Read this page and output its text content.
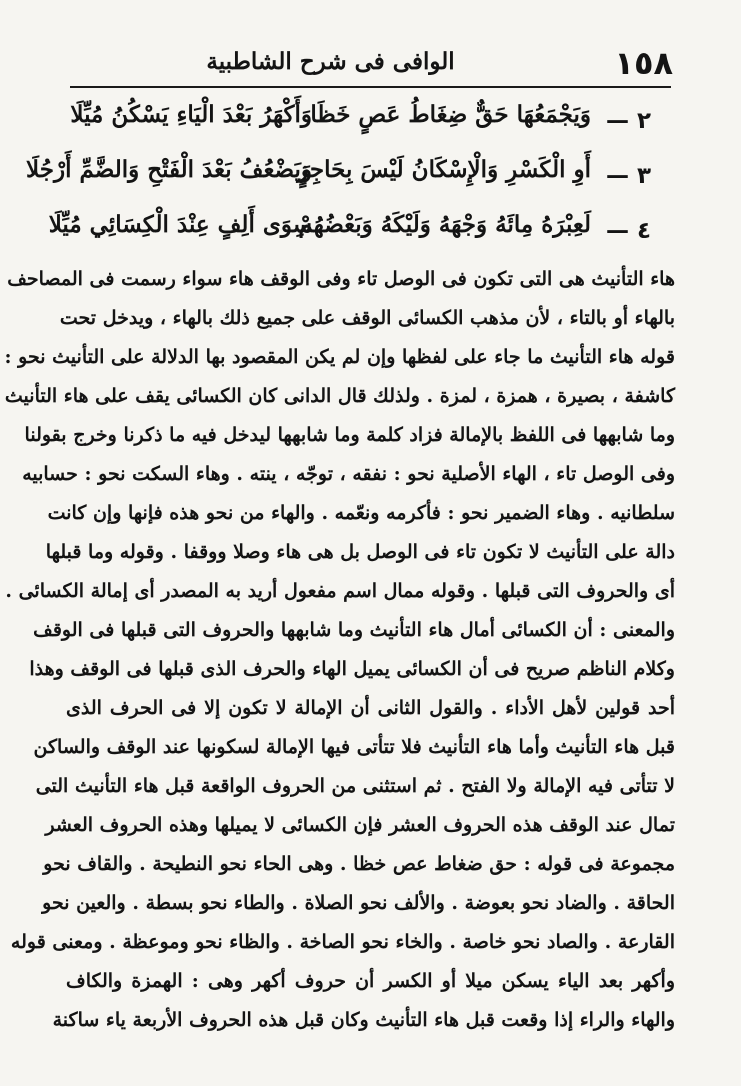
١٥٨
الوافى فى شرح الشاطبية
٢ —
وَيَجْمَعُهَا حَقٌّ ضِغَاطُ عَصٍ خَظَا
وَأَكْهَرُ بَعْدَ الْيَاءِ يَسْكُنُ مُيِّلَا
٣ —
أَوِ الْكَسْرِ وَالْإِسْكَانُ لَيْسَ بِحَاجِزٍ
وَيَضْعُفُ بَعْدَ الْفَتْحِ وَالضَّمِّ أَرْجُلَا
٤ —
لَعِبْرَهُ مِائَهُ وَجْهَهُ وَلَيْكَهُ وَبَعْضُهُمْ
سِوَى أَلِفٍ عِنْدَ الْكِسَائِي مُيِّلَا
هاء التأنيث هى التى تكون فى الوصل تاء وفى الوقف هاء سواء رسمت فى المصاحف
بالهاء أو بالتاء ، لأن مذهب الكسائى الوقف على جميع ذلك بالهاء ، ويدخل تحت
قوله هاء التأنيث ما جاء على لفظها وإن لم يكن المقصود بها الدلالة على التأنيث نحو :
كاشفة ، بصيرة ، همزة ، لمزة . ولذلك قال الدانى كان الكسائى يقف على هاء التأنيث
وما شابهها فى اللفظ بالإمالة فزاد كلمة وما شابهها ليدخل فيه ما ذكرنا وخرج بقولنا
وفى الوصل تاء ، الهاء الأصلية نحو : نفقه ، توجّه ، ينته . وهاء السكت نحو : حسابيه
سلطانيه . وهاء الضمير نحو : فأكرمه ونعّمه . والهاء من نحو هذه فإنها وإن كانت
دالة على التأنيث لا تكون تاء فى الوصل بل هى هاء وصلا ووقفا . وقوله وما قبلها
أى والحروف التى قبلها . وقوله ممال اسم مفعول أريد به المصدر أى إمالة الكسائى .
والمعنى : أن الكسائى أمال هاء التأنيث وما شابهها والحروف التى قبلها فى الوقف
وكلام الناظم صريح فى أن الكسائى يميل الهاء والحرف الذى قبلها فى الوقف وهذا
أحد قولين لأهل الأداء . والقول الثانى أن الإمالة لا تكون إلا فى الحرف الذى
قبل هاء التأنيث وأما هاء التأنيث فلا تتأتى فيها الإمالة لسكونها عند الوقف والساكن
لا تتأتى فيه الإمالة ولا الفتح . ثم استثنى من الحروف الواقعة قبل هاء التأنيث التى
تمال عند الوقف هذه الحروف العشر فإن الكسائى لا يميلها وهذه الحروف العشر
مجموعة فى قوله : حق ضغاط عص خظا . وهى الحاء نحو النطيحة . والقاف نحو
الحاقة . والضاد نحو بعوضة . والألف نحو الصلاة . والطاء نحو بسطة . والعين نحو
القارعة . والصاد نحو خاصة . والخاء نحو الصاخة . والظاء نحو وموعظة . ومعنى قوله
وأكهر بعد الياء يسكن ميلا أو الكسر أن حروف أكهر وهى : الهمزة والكاف
والهاء والراء إذا وقعت قبل هاء التأنيث وكان قبل هذه الحروف الأربعة ياء ساكنة
